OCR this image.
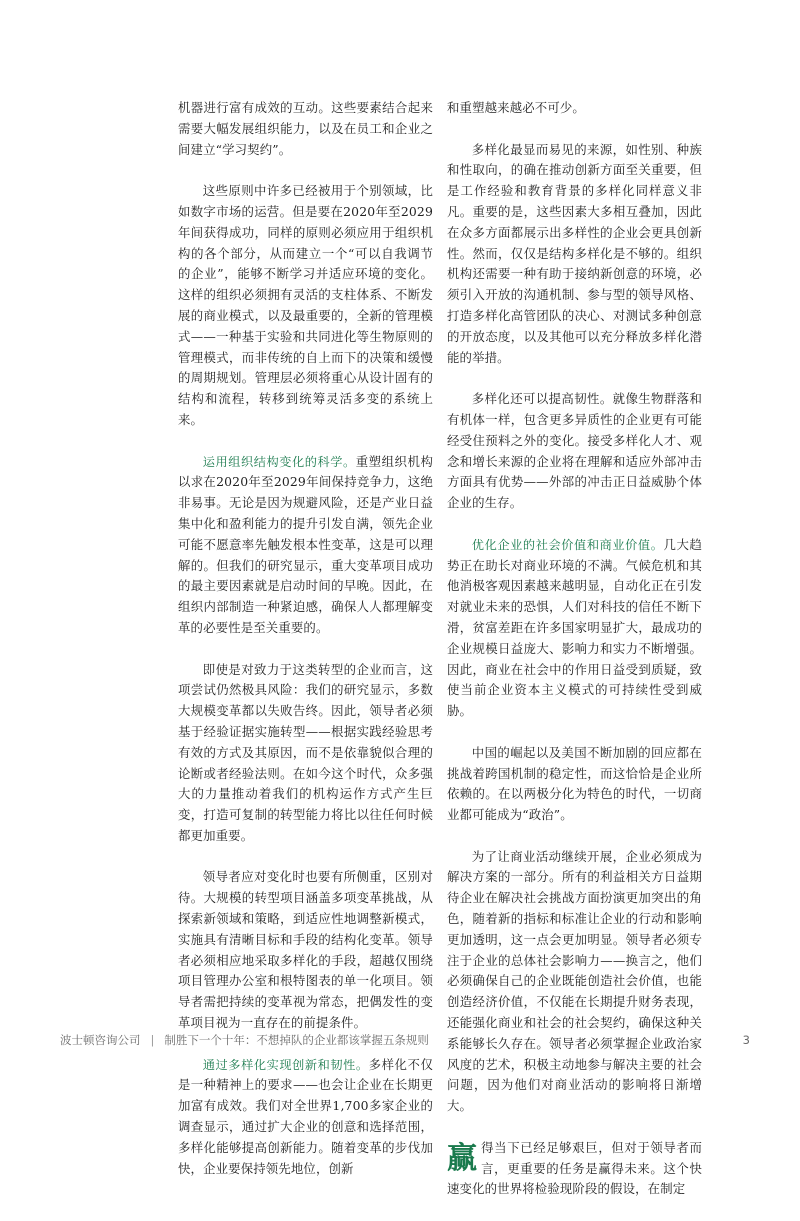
机器进行富有成效的互动。这些要素结合起来需要大幅发展组织能力，以及在员工和企业之间建立“学习契约”。

这些原则中许多已经被用于个别领域，比如数字市场的运营。但是要在2020年至2029年间获得成功，同样的原则必须应用于组织机构的各个部分，从而建立一个“可以自我调节的企业”，能够不断学习并适应环境的变化。这样的组织必须拥有灵活的支柱体系、不断发展的商业模式，以及最重要的，全新的管理模式——一种基于实验和共同进化等生物原则的管理模式，而非传统的自上而下的决策和缓慢的周期规划。管理层必须将重心从设计固有的结构和流程，转移到统筹灵活多变的系统上来。

运用组织结构变化的科学。重塑组织机构以求在2020年至2029年间保持竞争力，这绝非易事。无论是因为规避风险，还是产业日益集中化和盈利能力的提升引发自满，领先企业可能不愿意率先触发根本性变革，这是可以理解的。但我们的研究显示，重大变革项目成功的最主要因素就是启动时间的早晚。因此，在组织内部制造一种紧迫感，确保人人都理解变革的必要性是至关重要的。

即使是对致力于这类转型的企业而言，这项尝试仍然极具风险：我们的研究显示，多数大规模变革都以失败告终。因此，领导者必须基于经验证据实施转型——根据实践经验思考有效的方式及其原因，而不是依靠貌似合理的论断或者经验法则。在如今这个时代，众多强大的力量推动着我们的机构运作方式产生巨变，打造可复制的转型能力将比以往任何时候都更加重要。

领导者应对变化时也要有所侧重，区别对待。大规模的转型项目涵盖多项变革挑战，从探索新领域和策略，到适应性地调整新模式，实施具有清晰目标和手段的结构化变革。领导者必须相应地采取多样化的手段，超越仅围绕项目管理办公室和根特图表的单一化项目。领导者需把持续的变革视为常态，把偶发性的变革项目视为一直存在的前提条件。

通过多样化实现创新和韧性。多样化不仅是一种精神上的要求——也会让企业在长期更加富有成效。我们对全世界1,700多家企业的调查显示，通过扩大企业的创意和选择范围，多样化能够提高创新能力。随着变革的步伐加快，企业要保持领先地位，创新

和重塑越来越必不可少。

多样化最显而易见的来源，如性别、种族和性取向，的确在推动创新方面至关重要，但是工作经验和教育背景的多样化同样意义非凡。重要的是，这些因素大多相互叠加，因此在众多方面都展示出多样性的企业会更具创新性。然而，仅仅是结构多样化是不够的。组织机构还需要一种有助于接纳新创意的环境，必须引入开放的沟通机制、参与型的领导风格、打造多样化高管团队的决心、对测试多种创意的开放态度，以及其他可以充分释放多样化潜能的举措。

多样化还可以提高韧性。就像生物群落和有机体一样，包含更多异质性的企业更有可能经受住预料之外的变化。接受多样化人才、观念和增长来源的企业将在理解和适应外部冲击方面具有优势——外部的冲击正日益威胁个体企业的生存。

优化企业的社会价值和商业价值。几大趋势正在助长对商业环境的不满。气候危机和其他消极客观因素越来越明显，自动化正在引发对就业未来的恐惧，人们对科技的信任不断下滑，贫富差距在许多国家明显扩大，最成功的企业规模日益庞大、影响力和实力不断增强。因此，商业在社会中的作用日益受到质疑，致使当前企业资本主义模式的可持续性受到威胁。

中国的崛起以及美国不断加剧的回应都在挑战着跨国机制的稳定性，而这恰恰是企业所依赖的。在以两极分化为特色的时代，一切商业都可能成为“政治”。

为了让商业活动继续开展，企业必须成为解决方案的一部分。所有的利益相关方日益期待企业在解决社会挑战方面扮演更加突出的角色，随着新的指标和标准让企业的行动和影响更加透明，这一点会更加明显。领导者必须专注于企业的总体社会影响力——换言之，他们必须确保自己的企业既能创造社会价值，也能创造经济价值，不仅能在长期提升财务表现，还能强化商业和社会的社会契约，确保这种关系能够长久存在。领导者必须掌握企业政治家风度的艺术，积极主动地参与解决主要的社会问题，因为他们对商业活动的影响将日渐增大。

赢得当下已经足够艰巨，但对于领导者而言，更重要的任务是赢得未来。这个快速变化的世界将检验现阶段的假设，在制定

波士顿咨询公司 | 制胜下一个十年：不想掉队的企业都该掌握五条规则	3
